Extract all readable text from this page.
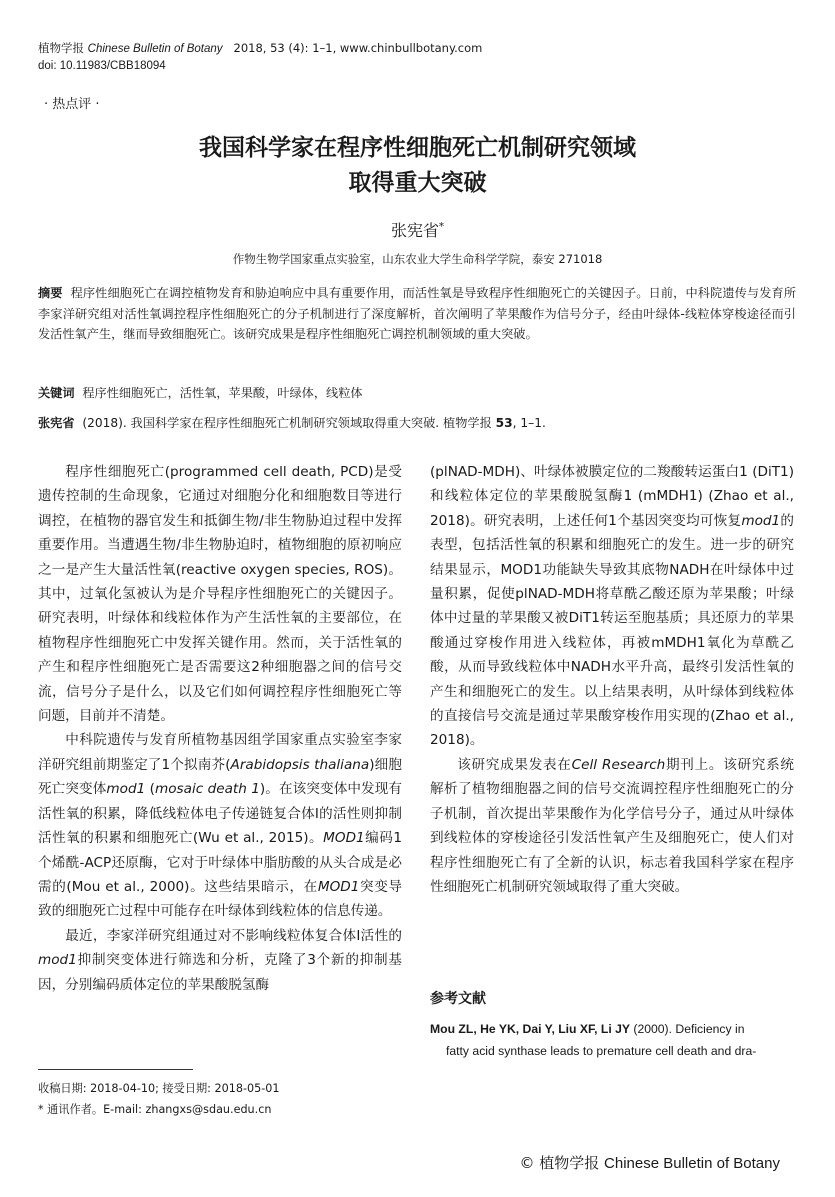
植物学报 Chinese Bulletin of Botany 2018, 53 (4): 1–1, www.chinbullbotany.com
doi: 10.11983/CBB18094
· 热点评 ·
我国科学家在程序性细胞死亡机制研究领域
取得重大突破
张宪省*
作物生物学国家重点实验室，山东农业大学生命科学学院，泰安 271018
摘要 程序性细胞死亡在调控植物发育和胁迫响应中具有重要作用，而活性氧是导致程序性细胞死亡的关键因子。日前，中科院遗传与发育所李家洋研究组对活性氧调控程序性细胞死亡的分子机制进行了深度解析，首次阐明了苹果酸作为信号分子，经由叶绿体-线粒体穿梭途径而引发活性氧产生，继而导致细胞死亡。该研究成果是程序性细胞死亡调控机制领域的重大突破。
关键词 程序性细胞死亡，活性氧，苹果酸，叶绿体，线粒体
张宪省 (2018). 我国科学家在程序性细胞死亡机制研究领域取得重大突破. 植物学报 53, 1–1.

程序性细胞死亡(programmed cell death, PCD)是受遗传控制的生命现象，它通过对细胞分化和细胞数目等进行调控，在植物的器官发生和抵御生物/非生物胁迫过程中发挥重要作用。当遭遇生物/非生物胁迫时，植物细胞的原初响应之一是产生大量活性氧(reactive oxygen species, ROS)。其中，过氧化氢被认为是介导程序性细胞死亡的关键因子。研究表明，叶绿体和线粒体作为产生活性氧的主要部位，在植物程序性细胞死亡中发挥关键作用。然而，关于活性氧的产生和程序性细胞死亡是否需要这2种细胞器之间的信号交流，信号分子是什么，以及它们如何调控程序性细胞死亡等问题，目前并不清楚。

中科院遗传与发育所植物基因组学国家重点实验室李家洋研究组前期鉴定了1个拟南芥(Arabidopsis thaliana)细胞死亡突变体mod1 (mosaic death 1)。在该突变体中发现有活性氧的积累，降低线粒体电子传递链复合体I的活性则抑制活性氧的积累和细胞死亡(Wu et al., 2015)。MOD1编码1个烯酰-ACP还原酶，它对于叶绿体中脂肪酸的从头合成是必需的(Mou et al., 2000)。这些结果暗示，在MOD1突变导致的细胞死亡过程中可能存在叶绿体到线粒体的信息传递。

最近，李家洋研究组通过对不影响线粒体复合体I活性的mod1抑制突变体进行筛选和分析，克隆了3个新的抑制基因，分别编码质体定位的苹果酸脱氢酶

(plNAD-MDH)、叶绿体被膜定位的二羧酸转运蛋白1 (DiT1)和线粒体定位的苹果酸脱氢酶1 (mMDH1) (Zhao et al., 2018)。研究表明，上述任何1个基因突变均可恢复mod1的表型，包括活性氧的积累和细胞死亡的发生。进一步的研究结果显示，MOD1功能缺失导致其底物NADH在叶绿体中过量积累，促使plNAD-MDH将草酰乙酸还原为苹果酸；叶绿体中过量的苹果酸又被DiT1转运至胞基质；具还原力的苹果酸通过穿梭作用进入线粒体，再被mMDH1氧化为草酰乙酸，从而导致线粒体中NADH水平升高，最终引发活性氧的产生和细胞死亡的发生。以上结果表明，从叶绿体到线粒体的直接信号交流是通过苹果酸穿梭作用实现的(Zhao et al., 2018)。

该研究成果发表在Cell Research期刊上。该研究系统解析了植物细胞器之间的信号交流调控程序性细胞死亡的分子机制，首次提出苹果酸作为化学信号分子，通过从叶绿体到线粒体的穿梭途径引发活性氧产生及细胞死亡，使人们对程序性细胞死亡有了全新的认识，标志着我国科学家在程序性细胞死亡机制研究领域取得了重大突破。

参考文献
Mou ZL, He YK, Dai Y, Liu XF, Li JY (2000). Deficiency in
fatty acid synthase leads to premature cell death and dra-
收稿日期: 2018-04-10; 接受日期: 2018-05-01
* 通讯作者。E-mail: zhangxs@sdau.edu.cn
© 植物学报 Chinese Bulletin of Botany
